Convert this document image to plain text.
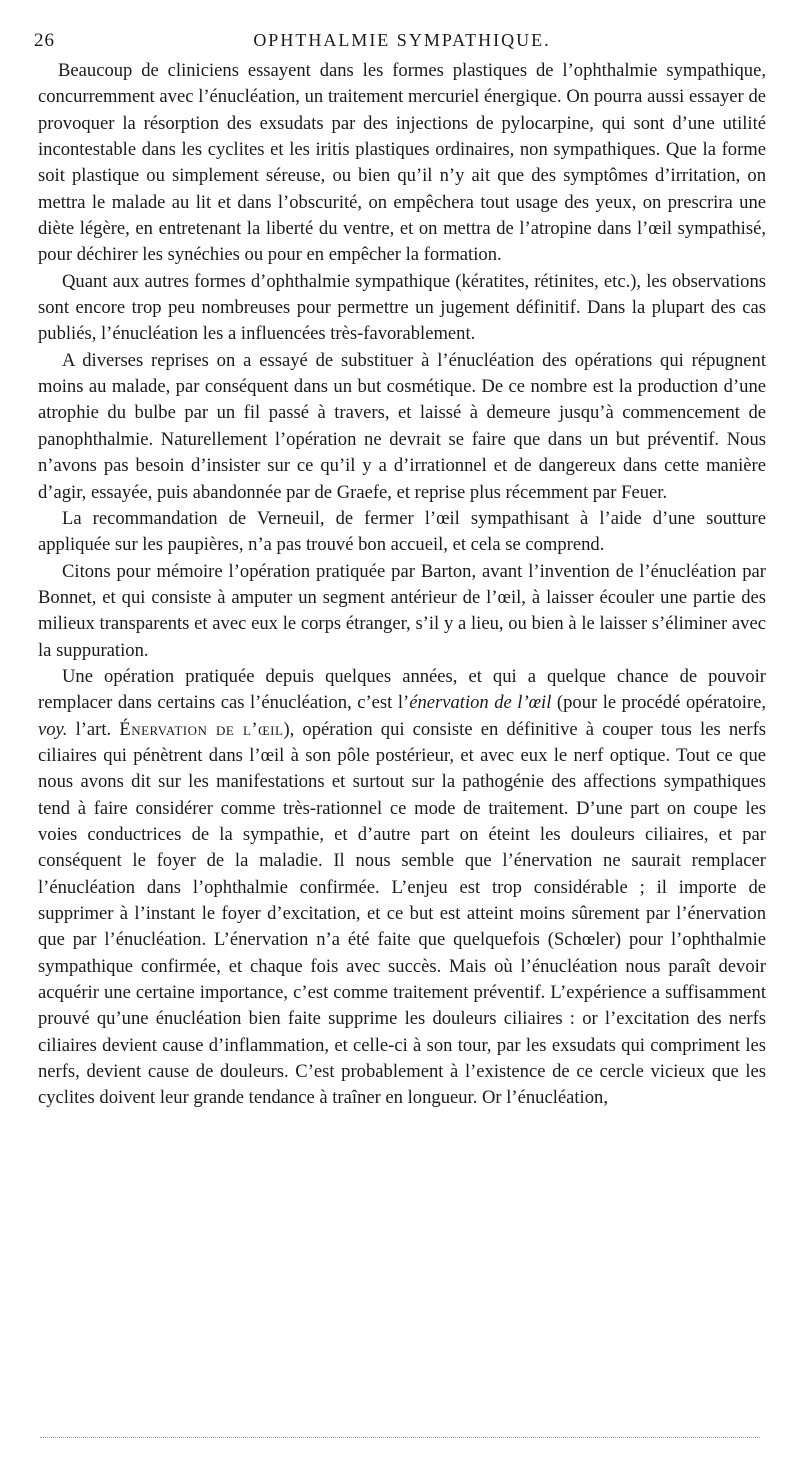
26	OPHTHALMIE SYMPATHIQUE.

Beaucoup de cliniciens essayent dans les formes plastiques de l’ophthalmie sympathique, concurremment avec l’énucléation, un traitement mercuriel énergique. On pourra aussi essayer de provoquer la résorption des exsudats par des injections de pylocarpine, qui sont d’une utilité incontestable dans les cyclites et les iritis plastiques ordinaires, non sympathiques. Que la forme soit plastique ou simplement séreuse, ou bien qu’il n’y ait que des symptômes d’irritation, on mettra le malade au lit et dans l’obscurité, on empêchera tout usage des yeux, on prescrira une diète légère, en entretenant la liberté du ventre, et on mettra de l’atropine dans l’œil sympathisé, pour déchirer les synéchies ou pour en empêcher la formation.

Quant aux autres formes d’ophthalmie sympathique (kératites, rétinites, etc.), les observations sont encore trop peu nombreuses pour permettre un jugement définitif. Dans la plupart des cas publiés, l’énucléation les a influencées très-favorablement.

A diverses reprises on a essayé de substituer à l’énucléation des opérations qui répugnent moins au malade, par conséquent dans un but cosmétique. De ce nombre est la production d’une atrophie du bulbe par un fil passé à travers, et laissé à demeure jusqu’à commencement de panophthalmie. Naturellement l’opération ne devrait se faire que dans un but préventif. Nous n’avons pas besoin d’insister sur ce qu’il y a d’irrationnel et de dangereux dans cette manière d’agir, essayée, puis abandonnée par de Graefe, et reprise plus récemment par Feuer.

La recommandation de Verneuil, de fermer l’œil sympathisant à l’aide d’une soutture appliquée sur les paupières, n’a pas trouvé bon accueil, et cela se comprend.

Citons pour mémoire l’opération pratiquée par Barton, avant l’invention de l’énucléation par Bonnet, et qui consiste à amputer un segment antérieur de l’œil, à laisser écouler une partie des milieux transparents et avec eux le corps étranger, s’il y a lieu, ou bien à le laisser s’éliminer avec la suppuration.

Une opération pratiquée depuis quelques années, et qui a quelque chance de pouvoir remplacer dans certains cas l’énucléation, c’est l’énervation de l’œil (pour le procédé opératoire, voy. l’art. Énervation de l’œil), opération qui consiste en définitive à couper tous les nerfs ciliaires qui pénètrent dans l’œil à son pôle postérieur, et avec eux le nerf optique. Tout ce que nous avons dit sur les manifestations et surtout sur la pathogénie des affections sympathiques tend à faire considérer comme très-rationnel ce mode de traitement. D’une part on coupe les voies conductrices de la sympathie, et d’autre part on éteint les douleurs ciliaires, et par conséquent le foyer de la maladie. Il nous semble que l’énervation ne saurait remplacer l’énucléation dans l’ophthalmie confirmée. L’enjeu est trop considérable ; il importe de supprimer à l’instant le foyer d’excitation, et ce but est atteint moins sûrement par l’énervation que par l’énucléation. L’énervation n’a été faite que quelquefois (Schœler) pour l’ophthalmie sympathique confirmée, et chaque fois avec succès. Mais où l’énucléation nous paraît devoir acquérir une certaine importance, c’est comme traitement préventif. L’expérience a suffisamment prouvé qu’une énucléation bien faite supprime les douleurs ciliaires : or l’excitation des nerfs ciliaires devient cause d’inflammation, et celle-ci à son tour, par les exsudats qui compriment les nerfs, devient cause de douleurs. C’est probablement à l’existence de ce cercle vicieux que les cyclites doivent leur grande tendance à traîner en longueur. Or l’énucléation,
